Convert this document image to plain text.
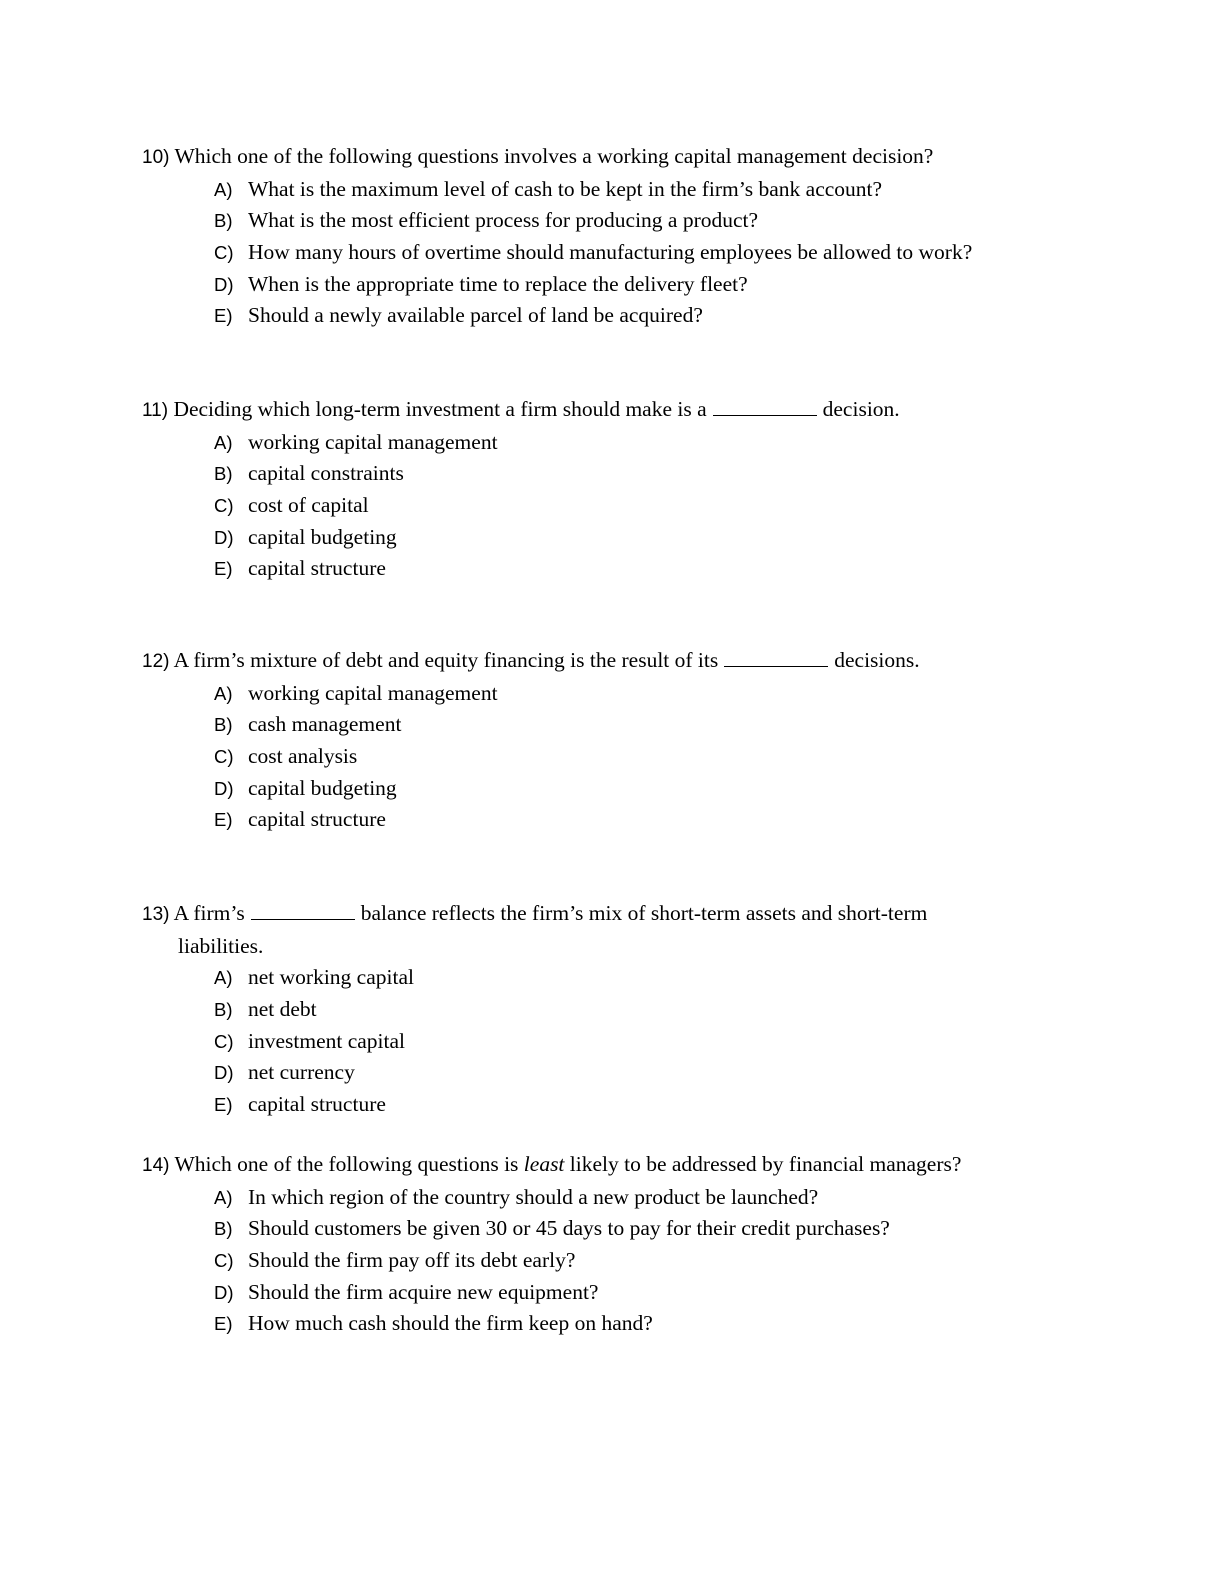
10) Which one of the following questions involves a working capital management decision?
A) What is the maximum level of cash to be kept in the firm’s bank account?
B) What is the most efficient process for producing a product?
C) How many hours of overtime should manufacturing employees be allowed to work?
D) When is the appropriate time to replace the delivery fleet?
E) Should a newly available parcel of land be acquired?
11) Deciding which long-term investment a firm should make is a	decision.
A) working capital management
B) capital constraints
C) cost of capital
D) capital budgeting
E) capital structure
12) A firm’s mixture of debt and equity financing is the result of its	decisions.
A) working capital management
B) cash management
C) cost analysis
D) capital budgeting
E) capital structure
13) A firm’s	balance reflects the firm’s mix of short-term assets and short-term
liabilities.
A) net working capital
B) net debt
C) investment capital
D) net currency
E) capital structure
14) Which one of the following questions is least likely to be addressed by financial managers?
A) In which region of the country should a new product be launched?
B) Should customers be given 30 or 45 days to pay for their credit purchases?
C) Should the firm pay off its debt early?
D) Should the firm acquire new equipment?
E) How much cash should the firm keep on hand?
